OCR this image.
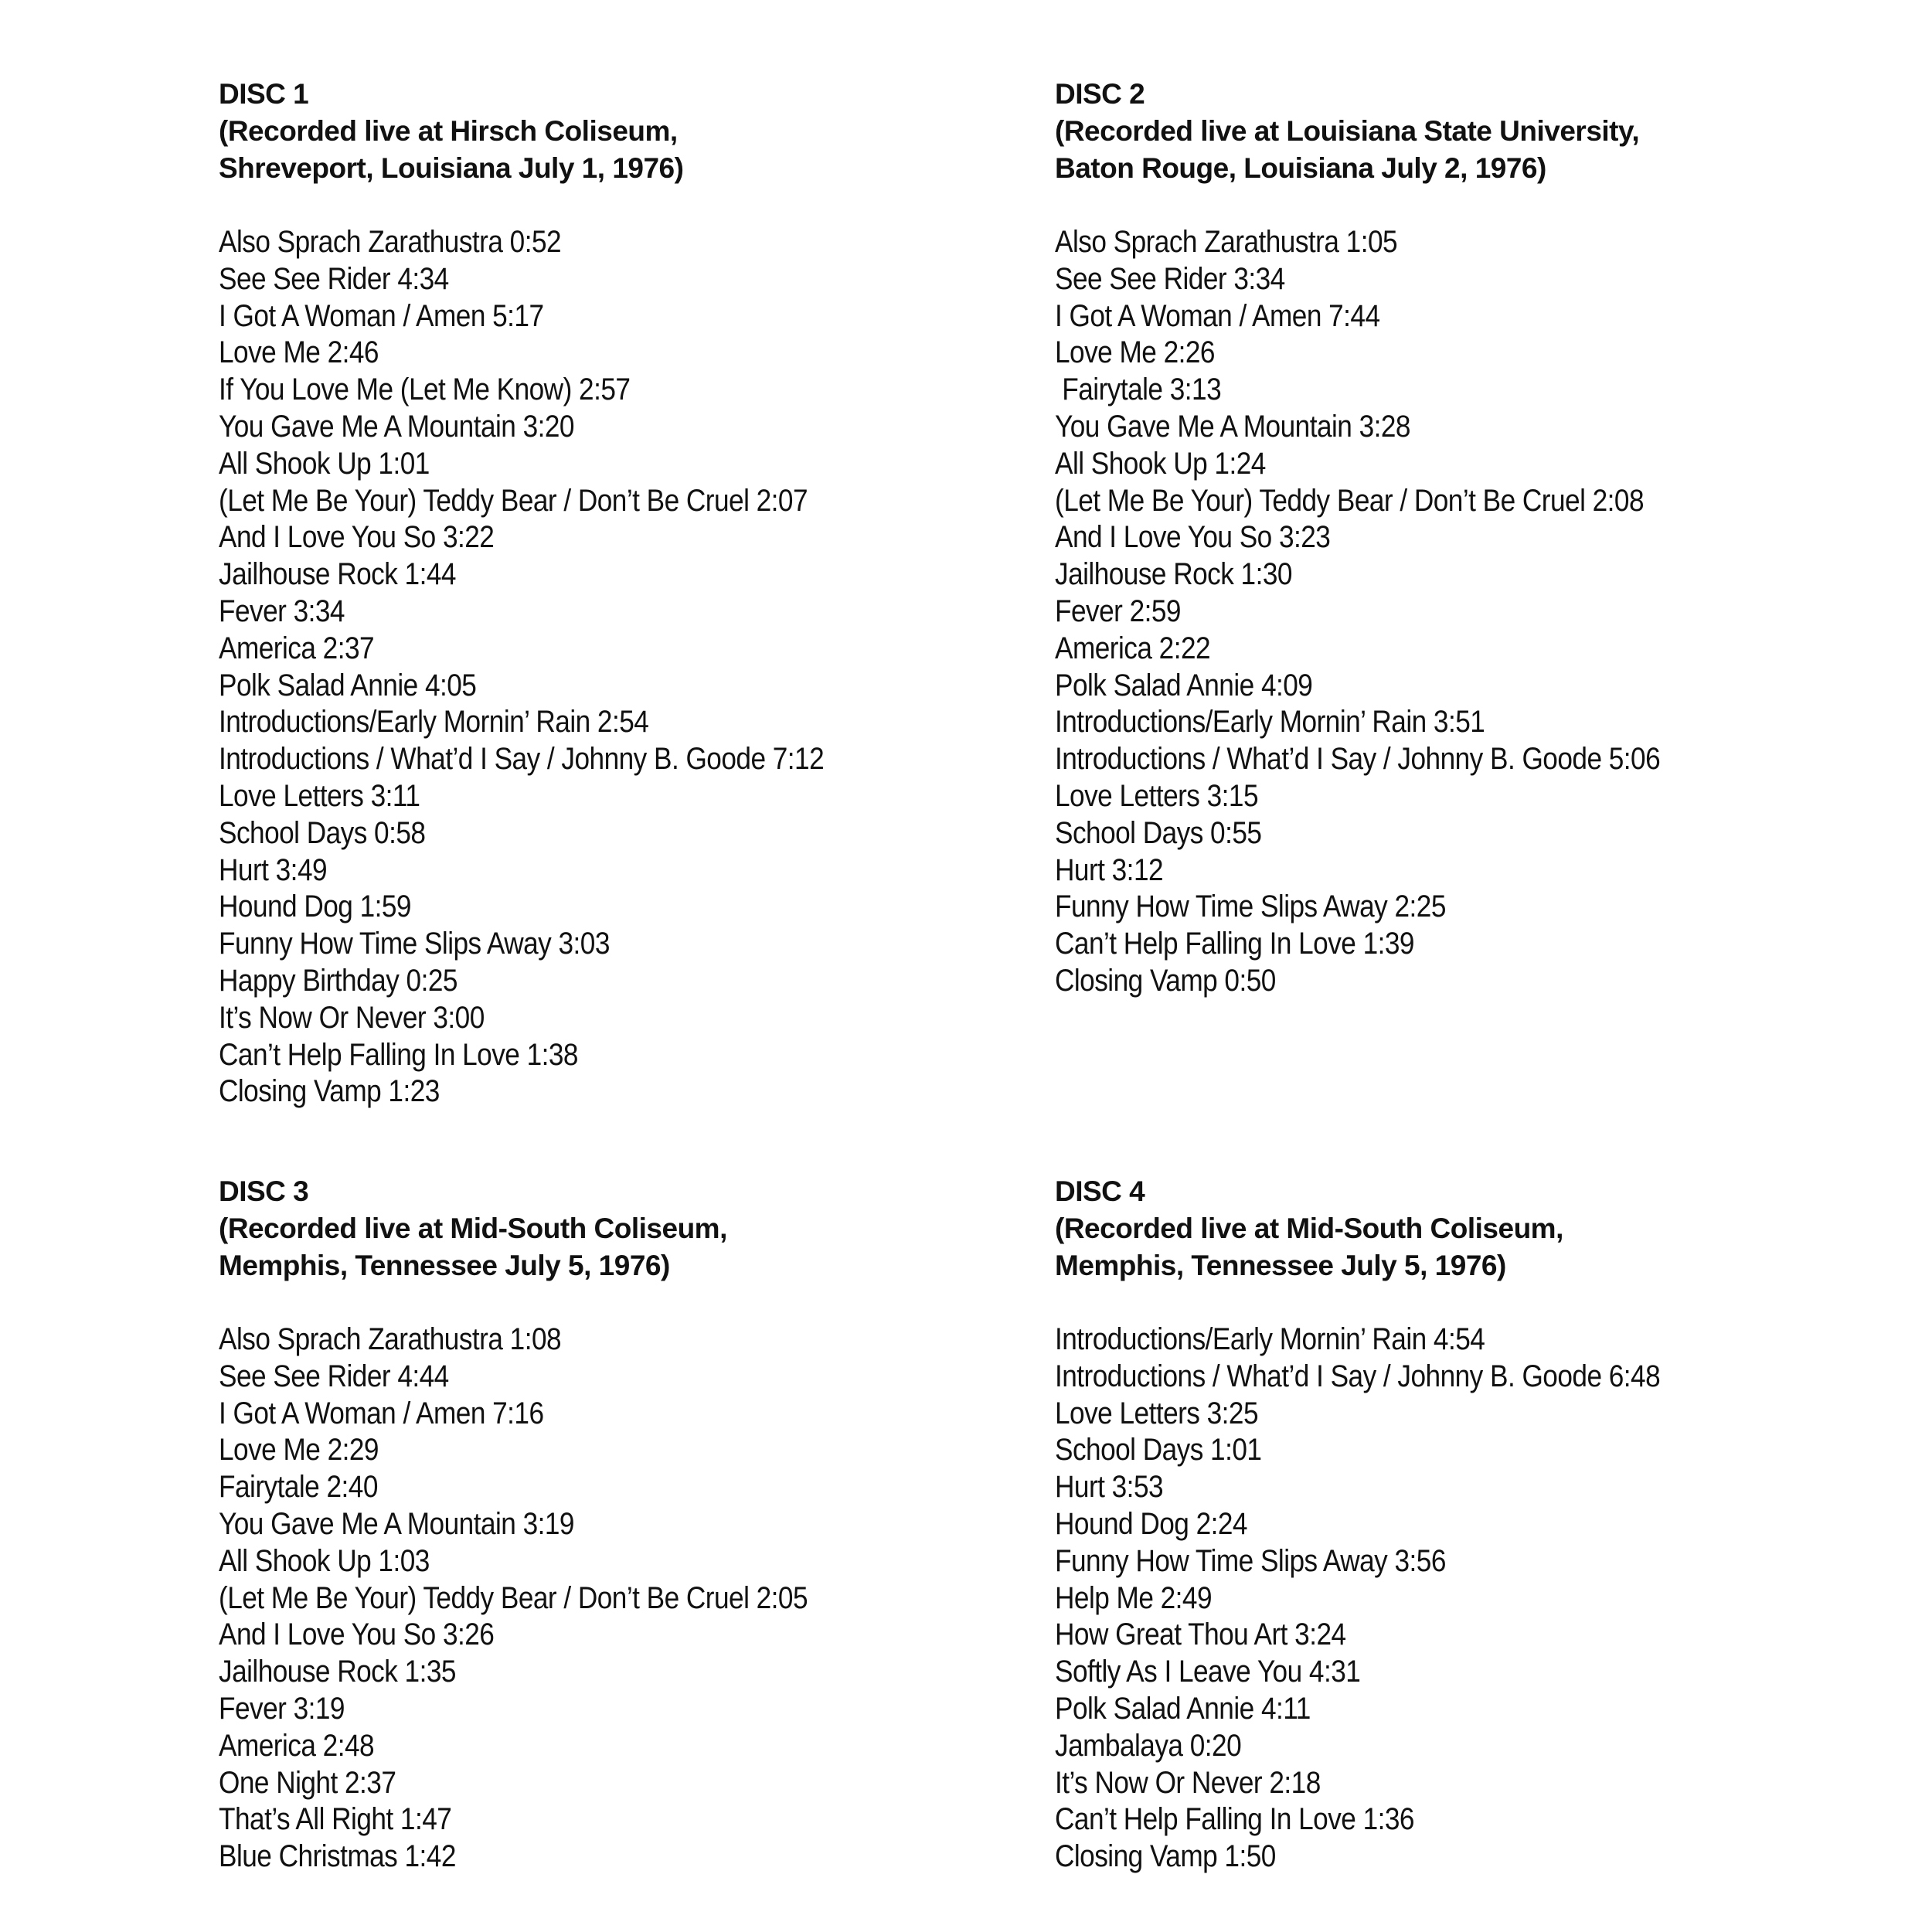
DISC 1
(Recorded live at Hirsch Coliseum,
Shreveport, Louisiana July 1, 1976)
Also Sprach Zarathustra 0:52
See See Rider 4:34
I Got A Woman / Amen 5:17
Love Me 2:46
If You Love Me (Let Me Know) 2:57
You Gave Me A Mountain 3:20
All Shook Up 1:01
(Let Me Be Your) Teddy Bear / Don’t Be Cruel 2:07
And I Love You So 3:22
Jailhouse Rock 1:44
Fever 3:34
America 2:37
Polk Salad Annie 4:05
Introductions/Early Mornin’ Rain 2:54
Introductions / What’d I Say / Johnny B. Goode 7:12
Love Letters 3:11
School Days 0:58
Hurt 3:49
Hound Dog 1:59
Funny How Time Slips Away 3:03
Happy Birthday 0:25
It’s Now Or Never 3:00
Can’t Help Falling In Love 1:38
Closing Vamp 1:23
DISC 2
(Recorded live at Louisiana State University,
Baton Rouge, Louisiana July 2, 1976)
Also Sprach Zarathustra 1:05
See See Rider 3:34
I Got A Woman / Amen 7:44
Love Me 2:26
Fairytale 3:13
You Gave Me A Mountain 3:28
All Shook Up 1:24
(Let Me Be Your) Teddy Bear / Don’t Be Cruel 2:08
And I Love You So 3:23
Jailhouse Rock 1:30
Fever 2:59
America 2:22
Polk Salad Annie 4:09
Introductions/Early Mornin’ Rain 3:51
Introductions / What’d I Say / Johnny B. Goode 5:06
Love Letters 3:15
School Days 0:55
Hurt 3:12
Funny How Time Slips Away 2:25
Can’t Help Falling In Love 1:39
Closing Vamp 0:50
DISC 3
(Recorded live at Mid-South Coliseum,
Memphis, Tennessee July 5, 1976)
Also Sprach Zarathustra 1:08
See See Rider 4:44
I Got A Woman / Amen 7:16
Love Me 2:29
Fairytale 2:40
You Gave Me A Mountain 3:19
All Shook Up 1:03
(Let Me Be Your) Teddy Bear / Don’t Be Cruel 2:05
And I Love You So 3:26
Jailhouse Rock 1:35
Fever 3:19
America 2:48
One Night 2:37
That’s All Right 1:47
Blue Christmas 1:42
DISC 4
(Recorded live at Mid-South Coliseum,
Memphis, Tennessee July 5, 1976)
Introductions/Early Mornin’ Rain 4:54
Introductions / What’d I Say / Johnny B. Goode 6:48
Love Letters 3:25
School Days 1:01
Hurt 3:53
Hound Dog 2:24
Funny How Time Slips Away 3:56
Help Me 2:49
How Great Thou Art 3:24
Softly As I Leave You 4:31
Polk Salad Annie 4:11
Jambalaya 0:20
It’s Now Or Never 2:18
Can’t Help Falling In Love 1:36
Closing Vamp 1:50
